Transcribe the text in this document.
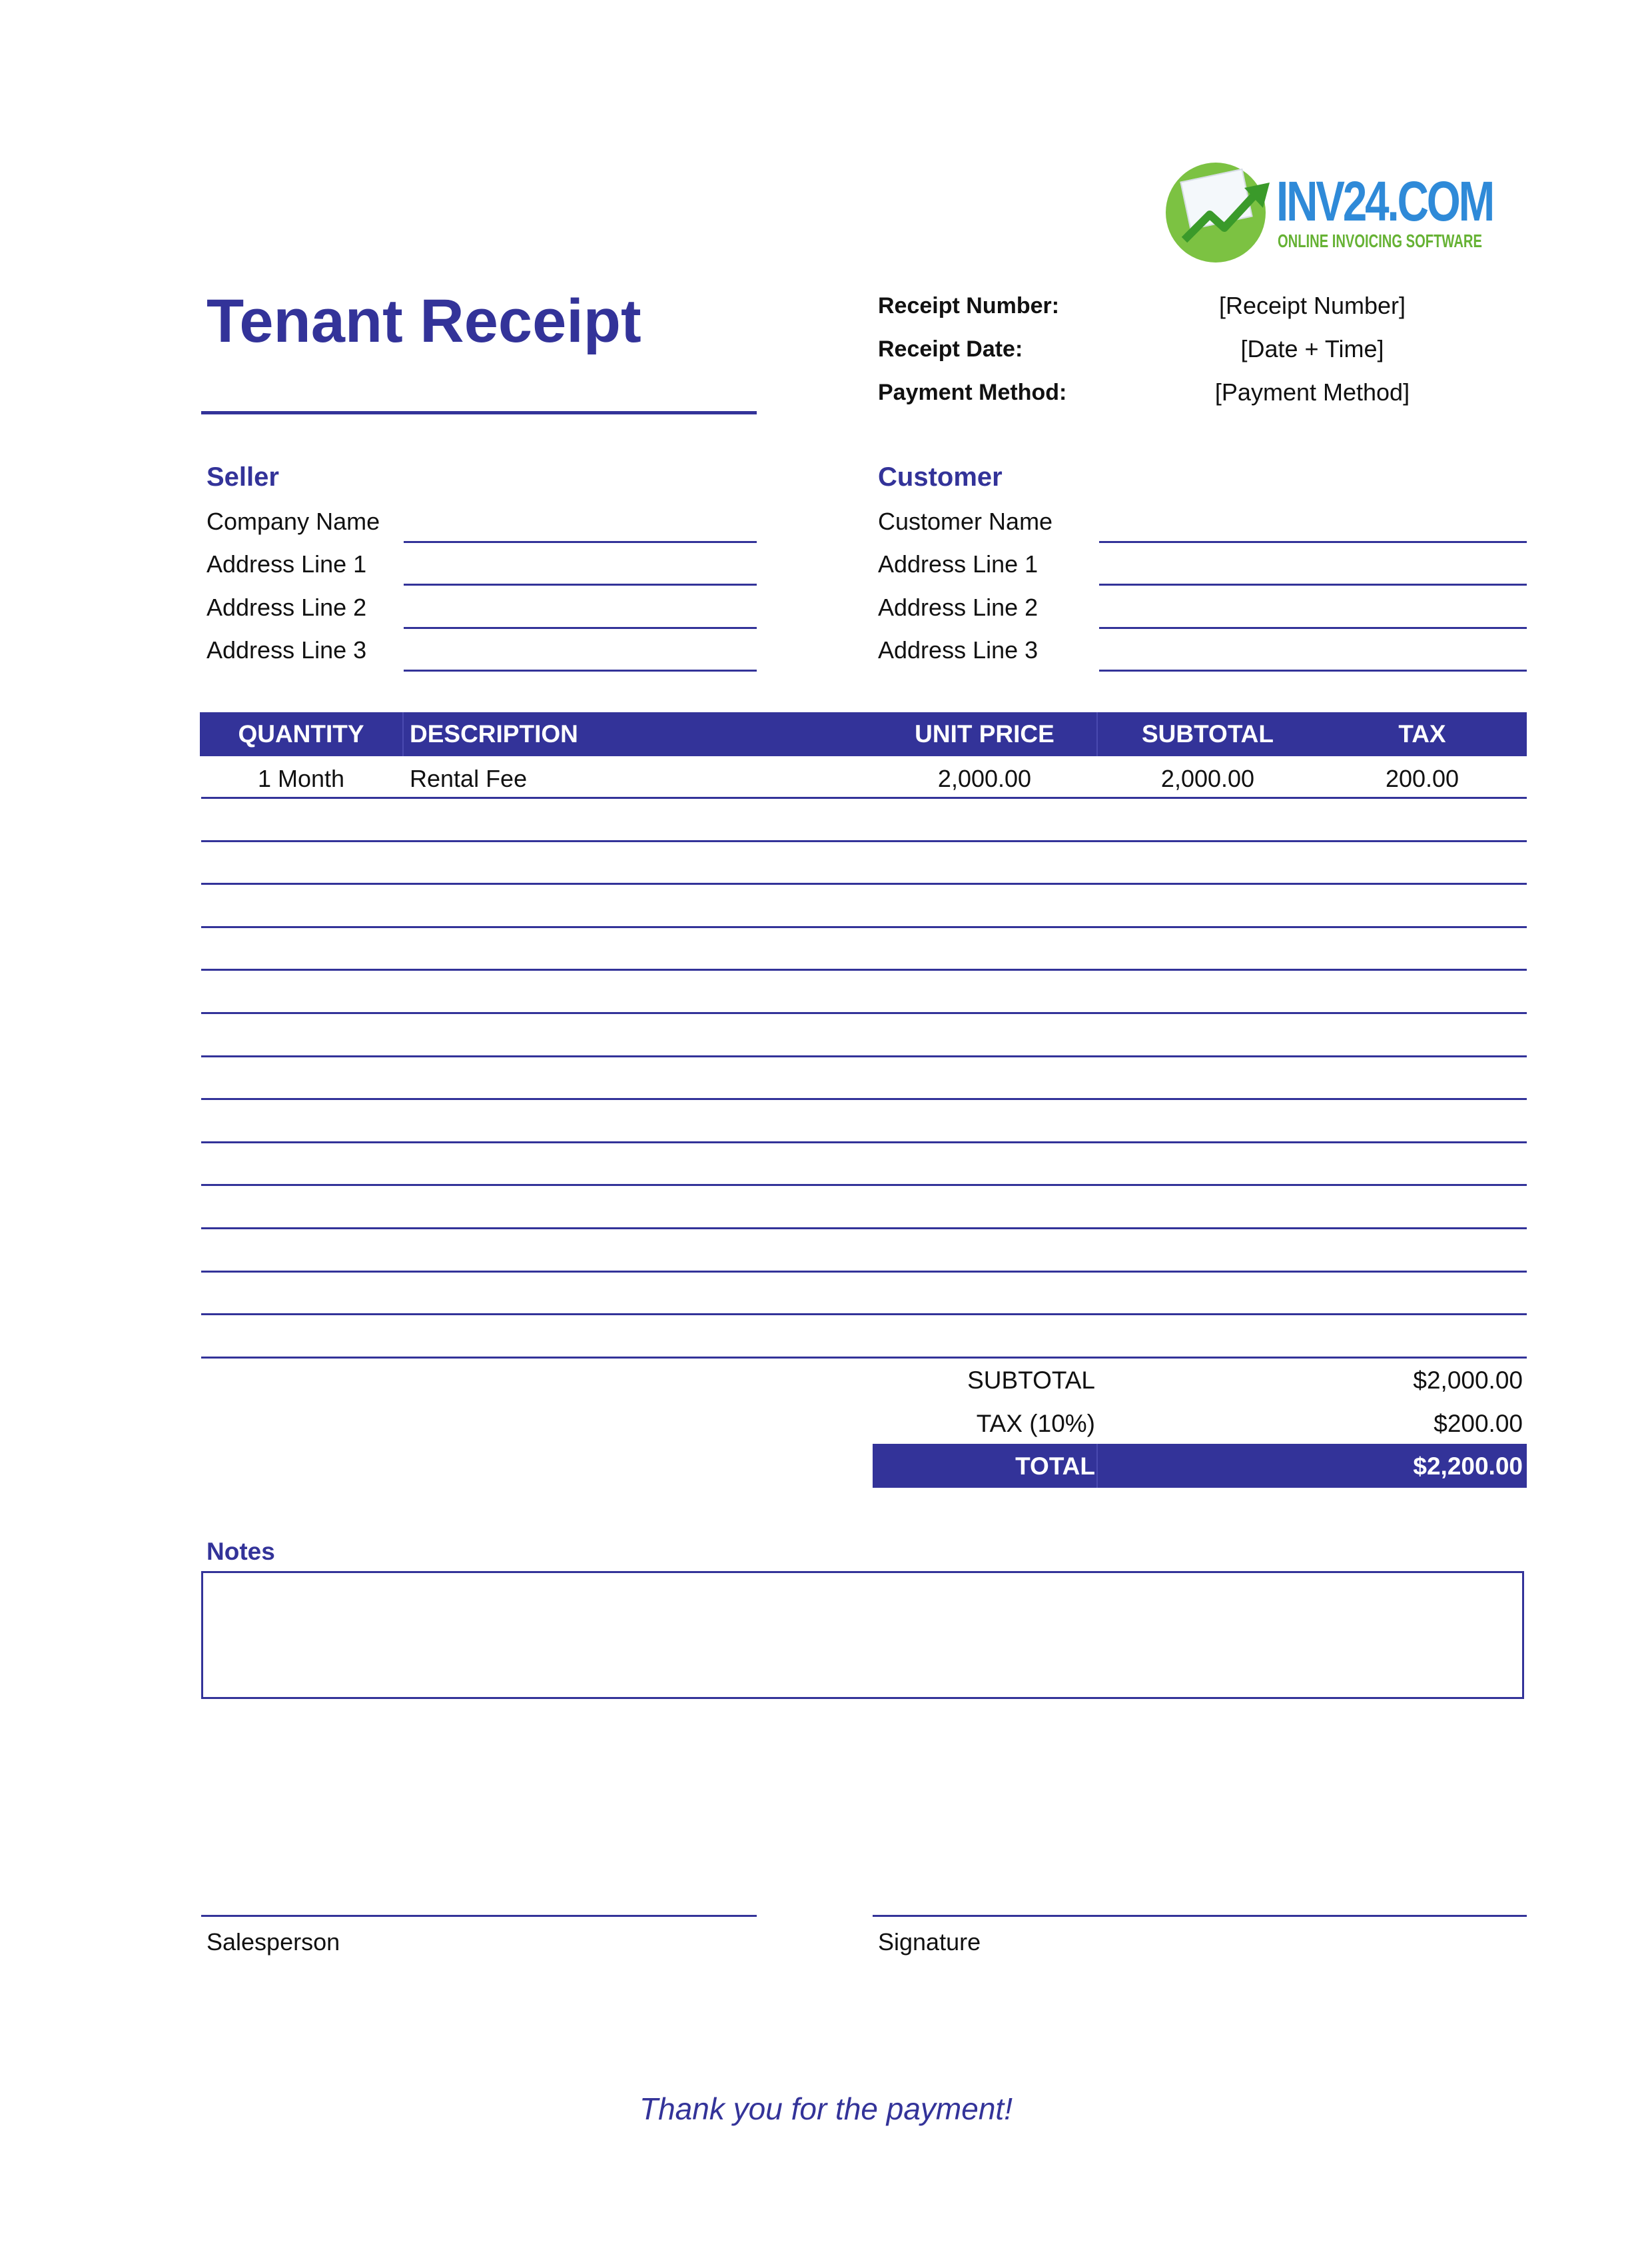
INV24.COM
ONLINE INVOICING SOFTWARE
Tenant Receipt	Receipt Number:	[Receipt Number]
Receipt Date:	[Date + Time]
Payment Method:	[Payment Method]
Seller
Company Name
Address Line 1
Address Line 2
Address Line 3
Customer
Customer Name
Address Line 1
Address Line 2
Address Line 3
QUANTITY	DESCRIPTION	UNIT PRICE	SUBTOTAL	TAX
1 Month	Rental Fee	2,000.00	2,000.00	200.00
SUBTOTAL	$2,000.00
TAX (10%)	$200.00
TOTAL	$2,200.00
Notes
Salesperson	Signature
Thank you for the payment!
